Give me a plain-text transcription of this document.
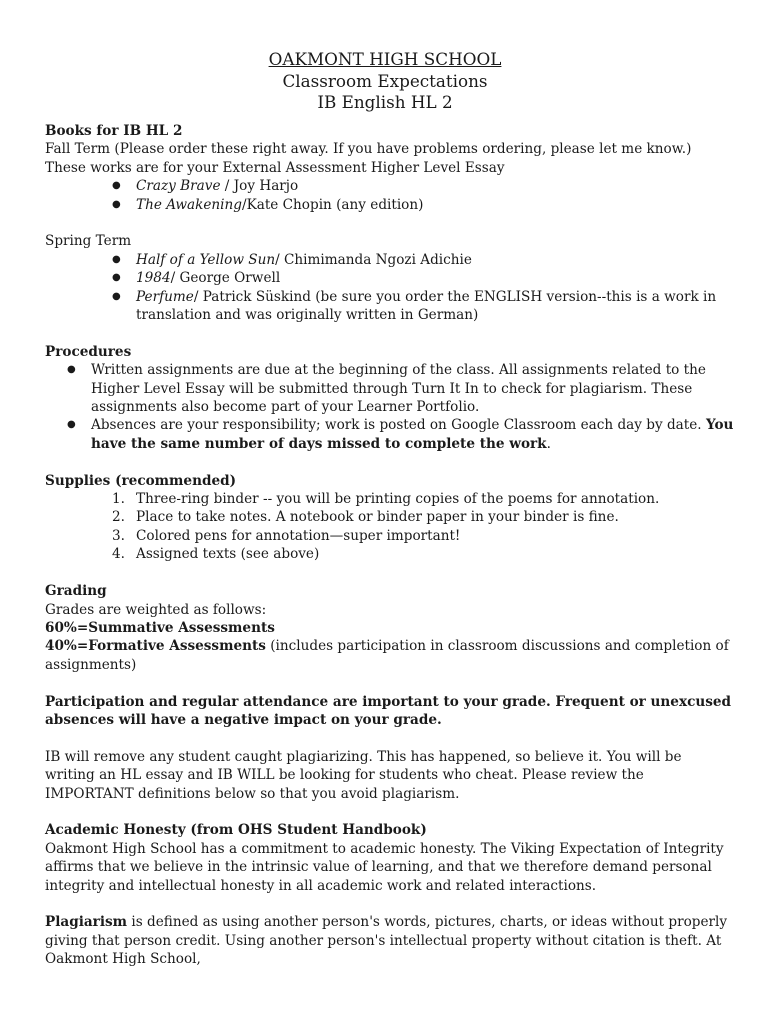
OAKMONT HIGH SCHOOL
Classroom Expectations
IB English HL 2

Books for IB HL 2

Fall Term (Please order these right away. If you have problems ordering, please let me know.) These works are for your External Assessment Higher Level Essay

● Crazy Brave / Joy Harjo
● The Awakening/Kate Chopin (any edition)

Spring Term

● Half of a Yellow Sun/ Chimimanda Ngozi Adichie
● 1984/ George Orwell
● Perfume/ Patrick Süskind (be sure you order the ENGLISH version--this is a work in translation and was originally written in German)

Procedures

● Written assignments are due at the beginning of the class. All assignments related to the Higher Level Essay will be submitted through Turn It In to check for plagiarism. These assignments also become part of your Learner Portfolio.
● Absences are your responsibility; work is posted on Google Classroom each day by date. You have the same number of days missed to complete the work.

Supplies (recommended)

1. Three-ring binder -- you will be printing copies of the poems for annotation.
2. Place to take notes. A notebook or binder paper in your binder is fine.
3. Colored pens for annotation—super important!
4. Assigned texts (see above)

Grading

Grades are weighted as follows:

60%=Summative Assessments

40%=Formative Assessments (includes participation in classroom discussions and completion of assignments)

Participation and regular attendance are important to your grade. Frequent or unexcused absences will have a negative impact on your grade.

IB will remove any student caught plagiarizing. This has happened, so believe it. You will be writing an HL essay and IB WILL be looking for students who cheat. Please review the IMPORTANT definitions below so that you avoid plagiarism.

Academic Honesty (from OHS Student Handbook)

Oakmont High School has a commitment to academic honesty. The Viking Expectation of Integrity affirms that we believe in the intrinsic value of learning, and that we therefore demand personal integrity and intellectual honesty in all academic work and related interactions.

Plagiarism is defined as using another person's words, pictures, charts, or ideas without properly giving that person credit. Using another person's intellectual property without citation is theft. At Oakmont High School,
